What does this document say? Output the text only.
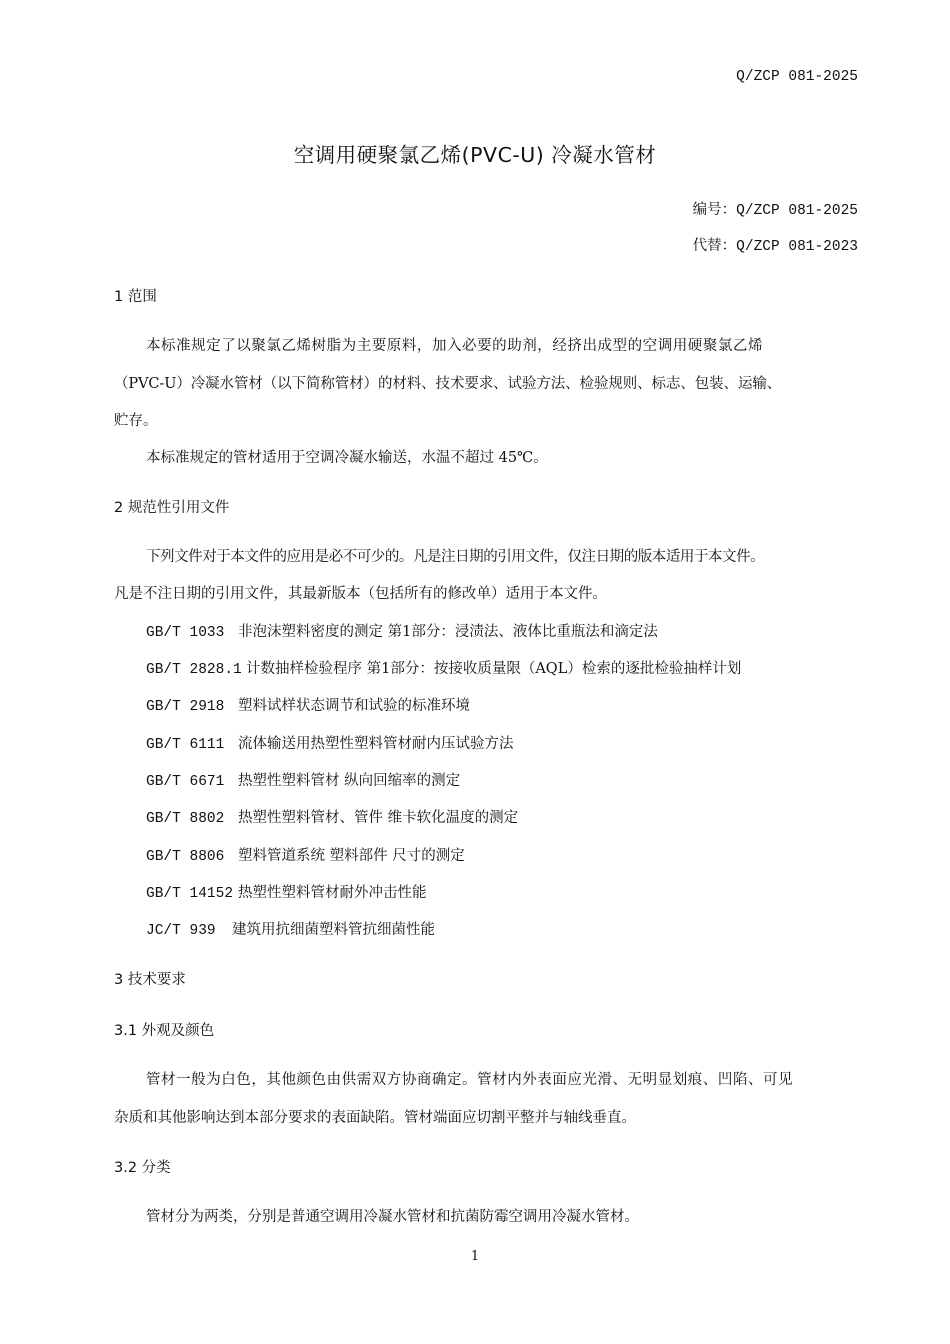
Q/ZCP 081-2025
空调用硬聚氯乙烯(PVC-U) 冷凝水管材
编号：Q/ZCP 081-2025
代替：Q/ZCP 081-2023
1 范围
本标准规定了以聚氯乙烯树脂为主要原料，加入必要的助剂，经挤出成型的空调用硬聚氯乙烯
（PVC-U）冷凝水管材（以下简称管材）的材料、技术要求、试验方法、检验规则、标志、包装、运输、
贮存。
本标准规定的管材适用于空调冷凝水输送，水温不超过 45℃。
2 规范性引用文件
下列文件对于本文件的应用是必不可少的。凡是注日期的引用文件，仅注日期的版本适用于本文件。
凡是不注日期的引用文件，其最新版本（包括所有的修改单）适用于本文件。
GB/T 1033 非泡沫塑料密度的测定 第1部分：浸渍法、液体比重瓶法和滴定法
GB/T 2828.1 计数抽样检验程序 第1部分：按接收质量限（AQL）检索的逐批检验抽样计划
GB/T 2918 塑料试样状态调节和试验的标准环境
GB/T 6111 流体输送用热塑性塑料管材耐内压试验方法
GB/T 6671 热塑性塑料管材 纵向回缩率的测定
GB/T 8802 热塑性塑料管材、管件 维卡软化温度的测定
GB/T 8806 塑料管道系统 塑料部件 尺寸的测定
GB/T 14152 热塑性塑料管材耐外冲击性能
JC/T 939 建筑用抗细菌塑料管抗细菌性能
3 技术要求
3.1 外观及颜色
管材一般为白色，其他颜色由供需双方协商确定。管材内外表面应光滑、无明显划痕、凹陷、可见
杂质和其他影响达到本部分要求的表面缺陷。管材端面应切割平整并与轴线垂直。
3.2 分类
管材分为两类，分别是普通空调用冷凝水管材和抗菌防霉空调用冷凝水管材。
1
